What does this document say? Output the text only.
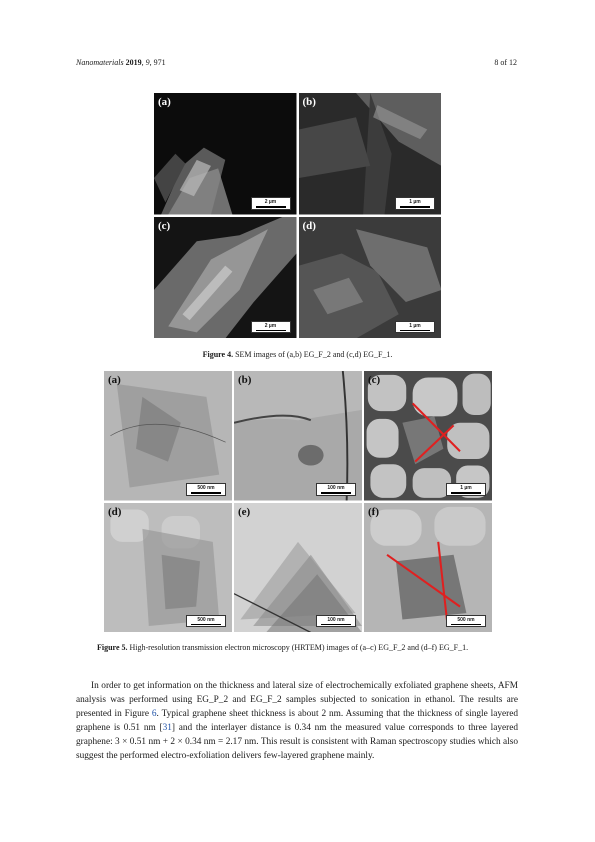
Nanomaterials 2019, 9, 971	8 of 12
(a)
2 µm
(b)
1 µm
(c)
2 µm
(d)
1 µm
Figure 4. SEM images of (a,b) EG_F_2 and (c,d) EG_F_1.
(a)
500 nm
(b)
100 nm
(c)
1 µm
(d)
500 nm
(e)
100 nm
(f)
500 nm
Figure 5. High-resolution transmission electron microscopy (HRTEM) images of (a–c) EG_F_2 and (d–f) EG_F_1.

In order to get information on the thickness and lateral size of electrochemically exfoliated graphene sheets, AFM analysis was performed using EG_P_2 and EG_F_2 samples subjected to sonication in ethanol. The results are presented in Figure 6. Typical graphene sheet thickness is about 2 nm. Assuming that the thickness of single layered graphene is 0.51 nm [31] and the interlayer distance is 0.34 nm the measured value corresponds to three layered graphene: 3 × 0.51 nm + 2 × 0.34 nm = 2.17 nm. This result is consistent with Raman spectroscopy studies which also suggest the performed electro-exfoliation delivers few-layered graphene mainly.
